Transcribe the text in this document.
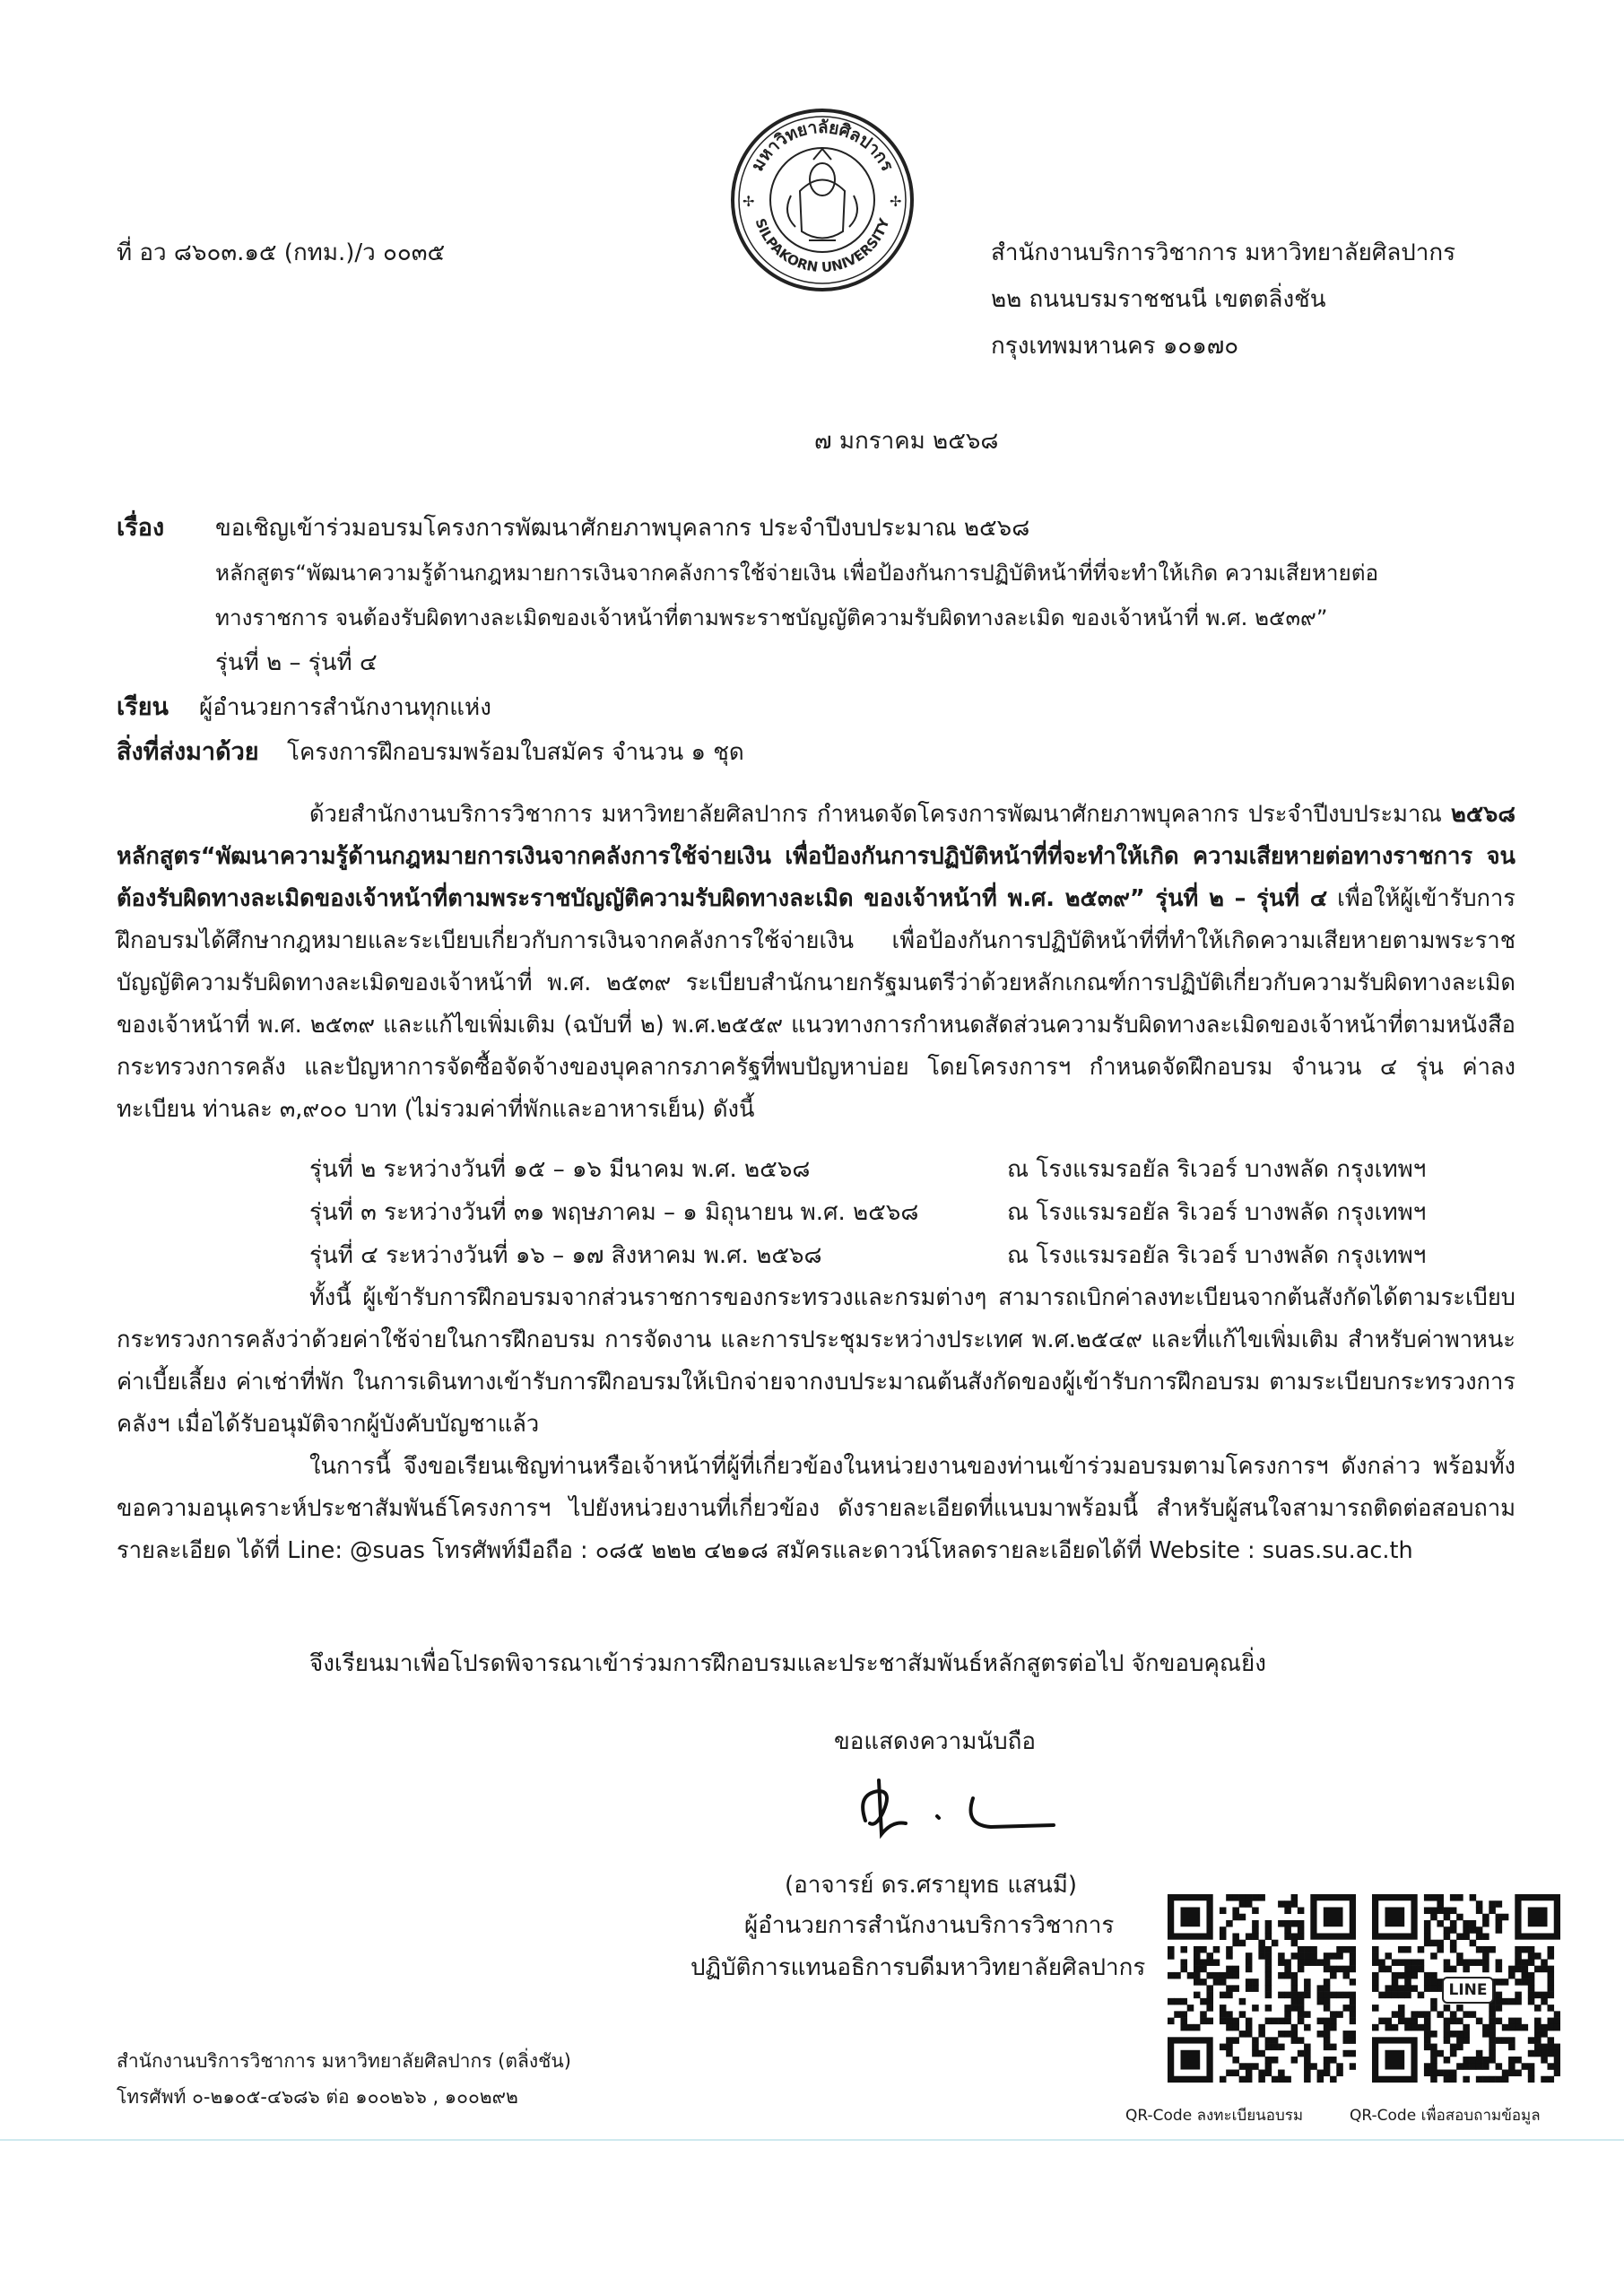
มหาวิทยาลัยศิลปากร
SILPAKORN UNIVERSITY
✢	✢
ที่ อว ๘๖๐๓.๑๕ (กทม.)/ว ๐๐๓๕	สำนักงานบริการวิชาการ มหาวิทยาลัยศิลปากร
๒๒ ถนนบรมราชชนนี เขตตลิ่งชัน
กรุงเทพมหานคร ๑๐๑๗๐
๗ มกราคม ๒๕๖๘
เรื่อง ขอเชิญเข้าร่วมอบรมโครงการพัฒนาศักยภาพบุคลากร ประจำปีงบประมาณ ๒๕๖๘
หลักสูตร“พัฒนาความรู้ด้านกฎหมายการเงินจากคลังการใช้จ่ายเงิน เพื่อป้องกันการปฏิบัติหน้าที่ที่จะทำให้เกิด ความเสียหายต่อ
ทางราชการ จนต้องรับผิดทางละเมิดของเจ้าหน้าที่ตามพระราชบัญญัติความรับผิดทางละเมิด ของเจ้าหน้าที่ พ.ศ. ๒๕๓๙”
รุ่นที่ ๒ – รุ่นที่ ๔
เรียน ผู้อำนวยการสำนักงานทุกแห่ง
สิ่งที่ส่งมาด้วย โครงการฝึกอบรมพร้อมใบสมัคร จำนวน ๑ ชุด
ด้วยสำนักงานบริการวิชาการ มหาวิทยาลัยศิลปากร กำหนดจัดโครงการพัฒนาศักยภาพบุคลากร ประจำปีงบประมาณ ๒๕๖๘ หลักสูตร“พัฒนาความรู้ด้านกฎหมายการเงินจากคลังการใช้จ่ายเงิน เพื่อป้องกันการปฏิบัติหน้าที่ที่จะทำให้เกิด ความเสียหายต่อทางราชการ จนต้องรับผิดทางละเมิดของเจ้าหน้าที่ตามพระราชบัญญัติความรับผิดทางละเมิด ของเจ้าหน้าที่ พ.ศ. ๒๕๓๙” รุ่นที่ ๒ – รุ่นที่ ๔ เพื่อให้ผู้เข้ารับการฝึกอบรมได้ศึกษากฎหมายและระเบียบเกี่ยวกับการเงินจากคลังการใช้จ่ายเงิน เพื่อป้องกันการปฏิบัติหน้าที่ที่ทำให้เกิดความเสียหายตามพระราชบัญญัติความรับผิดทางละเมิดของเจ้าหน้าที่ พ.ศ. ๒๕๓๙ ระเบียบสำนักนายกรัฐมนตรีว่าด้วยหลักเกณฑ์การปฏิบัติเกี่ยวกับความรับผิดทางละเมิดของเจ้าหน้าที่ พ.ศ. ๒๕๓๙ และแก้ไขเพิ่มเติม (ฉบับที่ ๒) พ.ศ.๒๕๕๙ แนวทางการกำหนดสัดส่วนความรับผิดทางละเมิดของเจ้าหน้าที่ตามหนังสือกระทรวงการคลัง และปัญหาการจัดซื้อจัดจ้างของบุคลากรภาครัฐที่พบปัญหาบ่อย โดยโครงการฯ กำหนดจัดฝึกอบรม จำนวน ๔ รุ่น ค่าลงทะเบียน ท่านละ ๓,๙๐๐ บาท (ไม่รวมค่าที่พักและอาหารเย็น) ดังนี้
รุ่นที่ ๒ ระหว่างวันที่ ๑๕ – ๑๖ มีนาคม พ.ศ. ๒๕๖๘	ณ โรงแรมรอยัล ริเวอร์ บางพลัด กรุงเทพฯ
รุ่นที่ ๓ ระหว่างวันที่ ๓๑ พฤษภาคม – ๑ มิถุนายน พ.ศ. ๒๕๖๘	ณ โรงแรมรอยัล ริเวอร์ บางพลัด กรุงเทพฯ
รุ่นที่ ๔ ระหว่างวันที่ ๑๖ – ๑๗ สิงหาคม พ.ศ. ๒๕๖๘	ณ โรงแรมรอยัล ริเวอร์ บางพลัด กรุงเทพฯ
ทั้งนี้ ผู้เข้ารับการฝึกอบรมจากส่วนราชการของกระทรวงและกรมต่างๆ สามารถเบิกค่าลงทะเบียนจากต้นสังกัดได้ตามระเบียบกระทรวงการคลังว่าด้วยค่าใช้จ่ายในการฝึกอบรม การจัดงาน และการประชุมระหว่างประเทศ พ.ศ.๒๕๔๙ และที่แก้ไขเพิ่มเติม สำหรับค่าพาหนะ ค่าเบี้ยเลี้ยง ค่าเช่าที่พัก ในการเดินทางเข้ารับการฝึกอบรมให้เบิกจ่ายจากงบประมาณต้นสังกัดของผู้เข้ารับการฝึกอบรม ตามระเบียบกระทรวงการคลังฯ เมื่อได้รับอนุมัติจากผู้บังคับบัญชาแล้ว
ในการนี้ จึงขอเรียนเชิญท่านหรือเจ้าหน้าที่ผู้ที่เกี่ยวข้องในหน่วยงานของท่านเข้าร่วมอบรมตามโครงการฯ ดังกล่าว พร้อมทั้งขอความอนุเคราะห์ประชาสัมพันธ์โครงการฯ ไปยังหน่วยงานที่เกี่ยวข้อง ดังรายละเอียดที่แนบมาพร้อมนี้ สำหรับผู้สนใจสามารถติดต่อสอบถามรายละเอียด ได้ที่ Line: @suas โทรศัพท์มือถือ : ๐๘๕ ๒๒๒ ๔๒๑๘ สมัครและดาวน์โหลดรายละเอียดได้ที่ Website : suas.su.ac.th
จึงเรียนมาเพื่อโปรดพิจารณาเข้าร่วมการฝึกอบรมและประชาสัมพันธ์หลักสูตรต่อไป จักขอบคุณยิ่ง
ขอแสดงความนับถือ
(อาจารย์ ดร.ศรายุทธ แสนมี)
ผู้อำนวยการสำนักงานบริการวิชาการ
ปฏิบัติการแทนอธิการบดีมหาวิทยาลัยศิลปากร
สำนักงานบริการวิชาการ มหาวิทยาลัยศิลปากร (ตลิ่งชัน)
โทรศัพท์ ๐-๒๑๐๕-๔๖๘๖ ต่อ ๑๐๐๒๖๖ , ๑๐๐๒๙๒
LINE
QR-Code ลงทะเบียนอบรม	QR-Code เพื่อสอบถามข้อมูล
